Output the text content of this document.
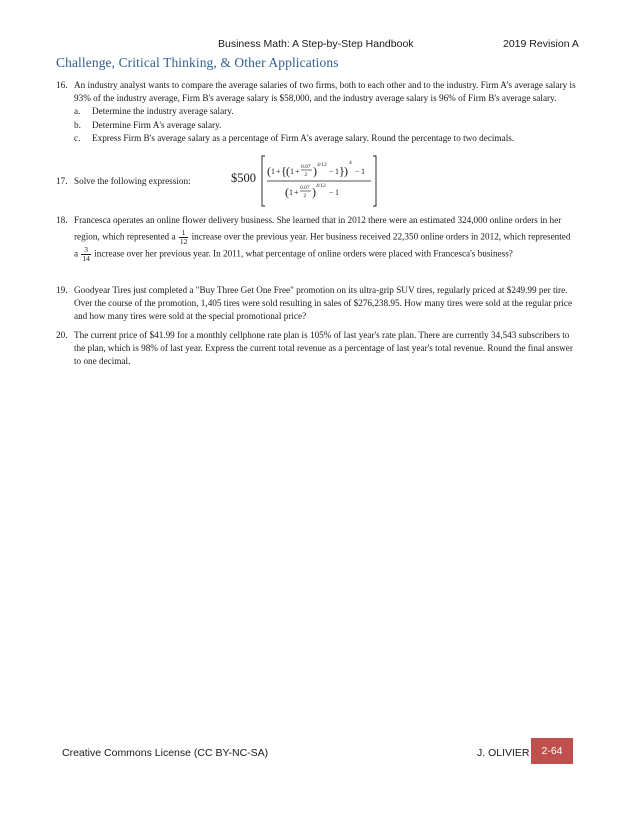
Business Math: A Step-by-Step Handbook	2019 Revision A
Challenge, Critical Thinking, & Other Applications
16. An industry analyst wants to compare the average salaries of two firms, both to each other and to the industry. Firm A's average salary is 93% of the industry average, Firm B's average salary is $58,000, and the industry average salary is 96% of Firm B's average salary.
a. Determine the industry average salary.
b. Determine Firm A's average salary.
c. Express Firm B's average salary as a percentage of Firm A's average salary. Round the percentage to two decimals.
17. Solve the following expression:	$500 ( 1 + { ( 1 + 0.07
2 ) 4/12
− 1 } )
4
− 1
( 1 + 0.07
2 ) 4/12
− 1
18. Francesca operates an online flower delivery business. She learned that in 2012 there were an estimated 324,000 online orders in her region, which represented a $\frac{1}{12}$ increase over the previous year. Her business received 22,350 online orders in 2012, which represented a $\frac{3}{14}$ increase over her previous year. In 2011, what percentage of online orders were placed with Francesca's business?
19. Goodyear Tires just completed a "Buy Three Get One Free" promotion on its ultra-grip SUV tires, regularly priced at $249.99 per tire. Over the course of the promotion, 1,405 tires were sold resulting in sales of $276,238.95. How many tires were sold at the regular price and how many tires were sold at the special promotional price?
20. The current price of $41.99 for a monthly cellphone rate plan is 105% of last year's rate plan. There are currently 34,543 subscribers to the plan, which is 98% of last year. Express the current total revenue as a percentage of last year's total revenue. Round the final answer to one decimal.
Creative Commons License (CC BY-NC-SA)	J. OLIVIER	2-64
